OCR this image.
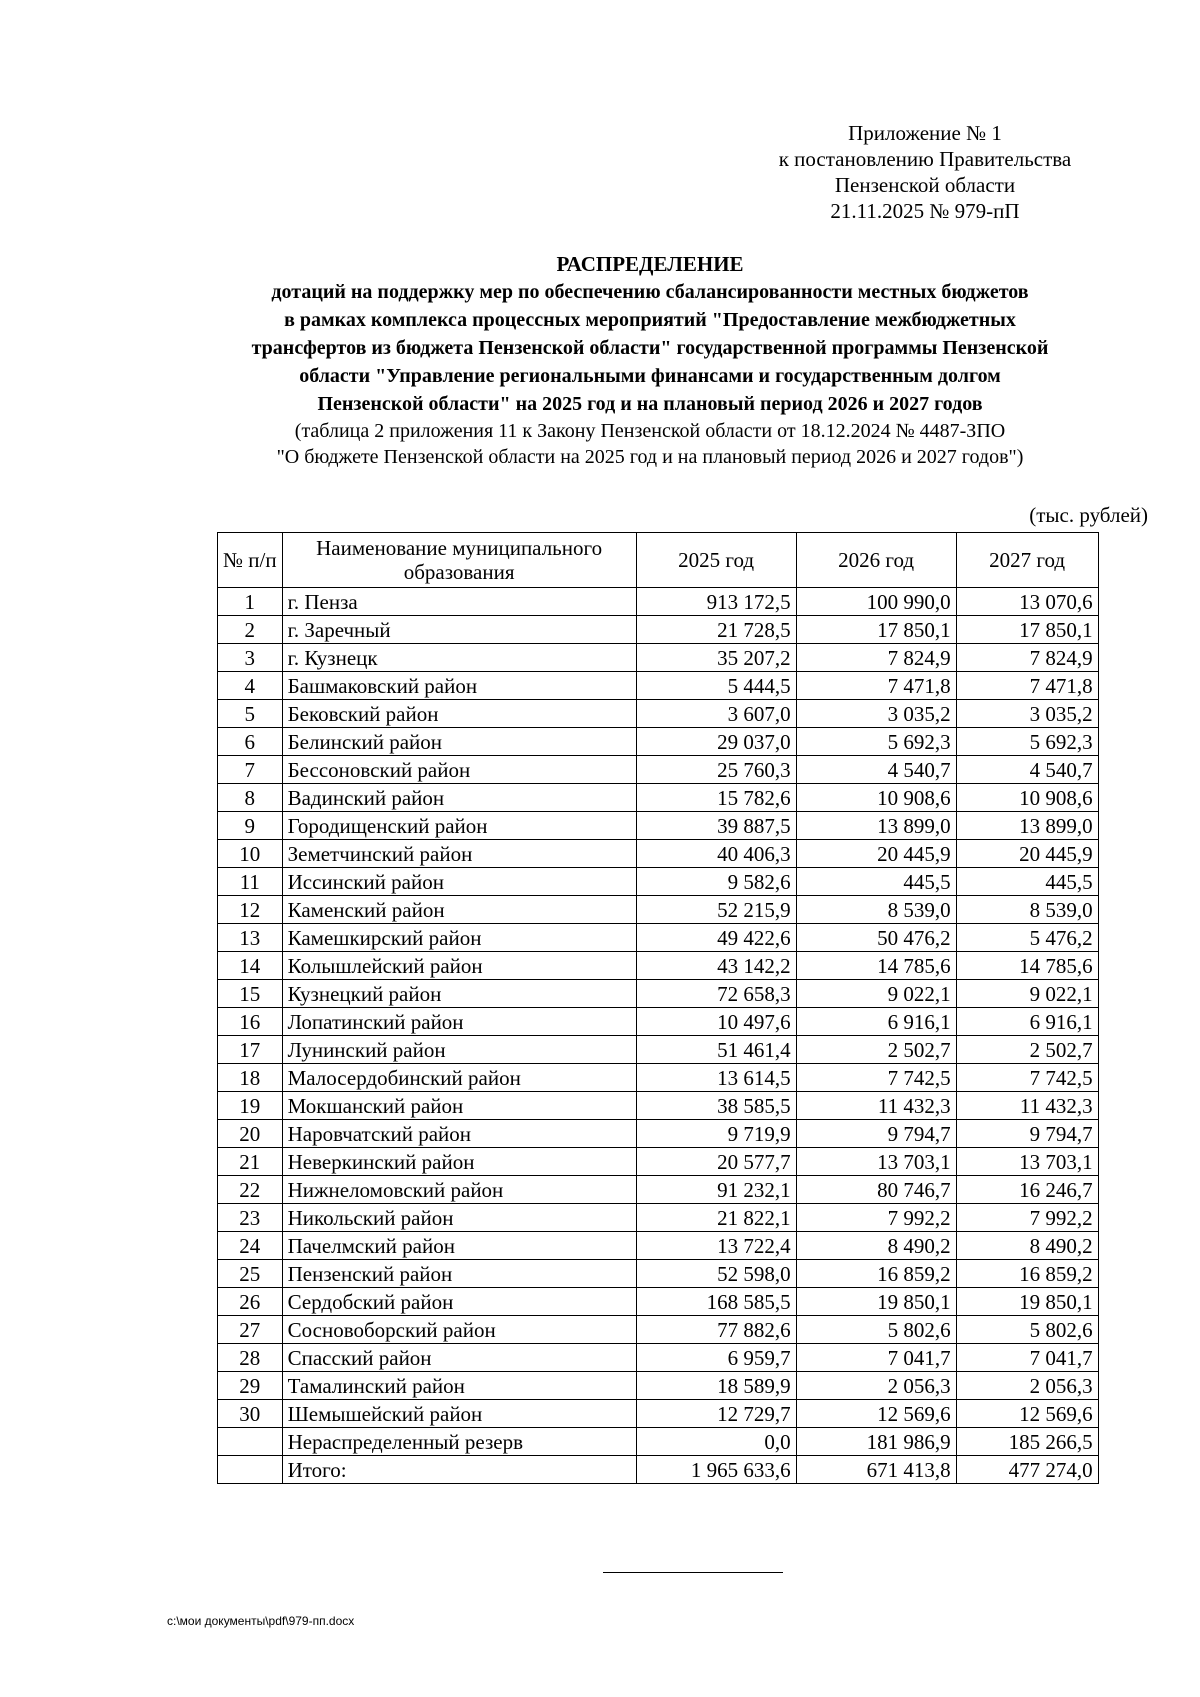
Приложение № 1
к постановлению Правительства
Пензенской области
21.11.2025 № 979-пП
РАСПРЕДЕЛЕНИЕ
дотаций на поддержку мер по обеспечению сбалансированности местных бюджетов
в рамках комплекса процессных мероприятий "Предоставление межбюджетных
трансфертов из бюджета Пензенской области" государственной программы Пензенской
области "Управление региональными финансами и государственным долгом
Пензенской области" на 2025 год и на плановый период 2026 и 2027 годов
(таблица 2 приложения 11 к Закону Пензенской области от 18.12.2024 № 4487-ЗПО
"О бюджете Пензенской области на 2025 год и на плановый период 2026 и 2027 годов")
(тыс. рублей)
№ п/п	Наименование муниципального образования	2025 год	2026 год	2027 год
1	г. Пенза	913 172,5	100 990,0	13 070,6
2	г. Заречный	21 728,5	17 850,1	17 850,1
3	г. Кузнецк	35 207,2	7 824,9	7 824,9
4	Башмаковский район	5 444,5	7 471,8	7 471,8
5	Бековский район	3 607,0	3 035,2	3 035,2
6	Белинский район	29 037,0	5 692,3	5 692,3
7	Бессоновский район	25 760,3	4 540,7	4 540,7
8	Вадинский район	15 782,6	10 908,6	10 908,6
9	Городищенский район	39 887,5	13 899,0	13 899,0
10	Земетчинский район	40 406,3	20 445,9	20 445,9
11	Иссинский район	9 582,6	445,5	445,5
12	Каменский район	52 215,9	8 539,0	8 539,0
13	Камешкирский район	49 422,6	50 476,2	5 476,2
14	Колышлейский район	43 142,2	14 785,6	14 785,6
15	Кузнецкий район	72 658,3	9 022,1	9 022,1
16	Лопатинский район	10 497,6	6 916,1	6 916,1
17	Лунинский район	51 461,4	2 502,7	2 502,7
18	Малосердобинский район	13 614,5	7 742,5	7 742,5
19	Мокшанский район	38 585,5	11 432,3	11 432,3
20	Наровчатский район	9 719,9	9 794,7	9 794,7
21	Неверкинский район	20 577,7	13 703,1	13 703,1
22	Нижнеломовский район	91 232,1	80 746,7	16 246,7
23	Никольский район	21 822,1	7 992,2	7 992,2
24	Пачелмский район	13 722,4	8 490,2	8 490,2
25	Пензенский район	52 598,0	16 859,2	16 859,2
26	Сердобский район	168 585,5	19 850,1	19 850,1
27	Сосновоборский район	77 882,6	5 802,6	5 802,6
28	Спасский район	6 959,7	7 041,7	7 041,7
29	Тамалинский район	18 589,9	2 056,3	2 056,3
30	Шемышейский район	12 729,7	12 569,6	12 569,6
	Нераспределенный резерв	0,0	181 986,9	185 266,5
	Итого:	1 965 633,6	671 413,8	477 274,0
c:\мои документы\pdf\979-пп.docx
